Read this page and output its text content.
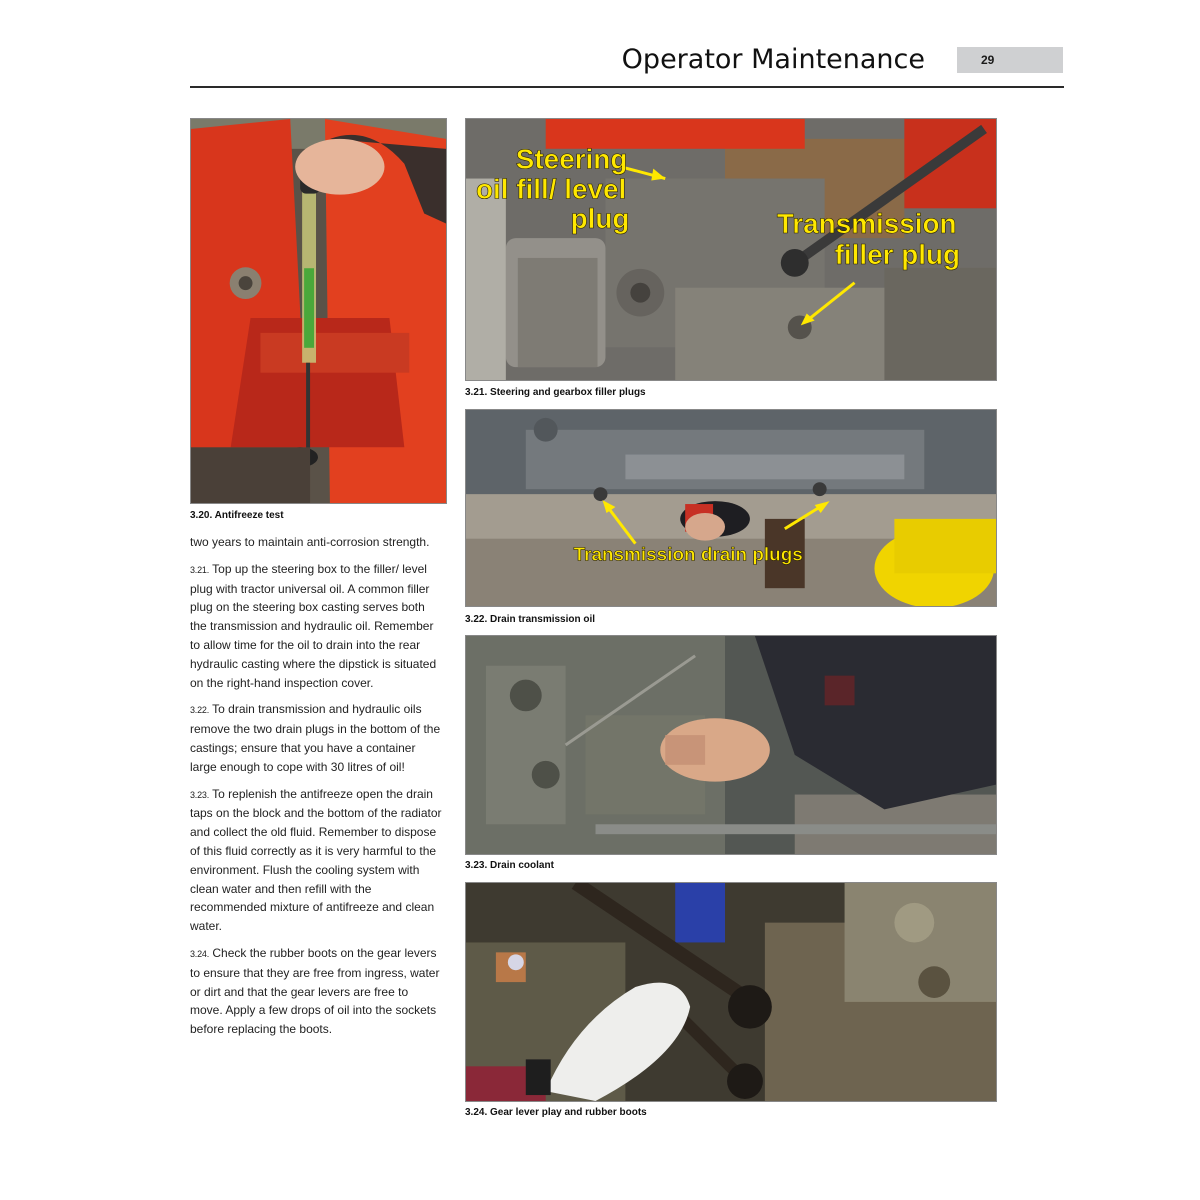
Operator Maintenance	29
3.20. Antifreeze test
Steering
oil fill/ level
plug	Transmission
filler plug
3.21. Steering and gearbox filler plugs
Transmission drain plugs
3.22. Drain transmission oil
3.23. Drain coolant
3.24. Gear lever play and rubber boots

two years to maintain anti-corrosion strength.

3.21. Top up the steering box to the filler/ level plug with tractor universal oil. A common filler plug on the steering box casting serves both the transmission and hydraulic oil. Remember to allow time for the oil to drain into the rear hydraulic casting where the dipstick is situated on the right-hand inspection cover.

3.22. To drain transmission and hydraulic oils remove the two drain plugs in the bottom of the castings; ensure that you have a container large enough to cope with 30 litres of oil!

3.23. To replenish the antifreeze open the drain taps on the block and the bottom of the radiator and collect the old fluid. Remember to dispose of this fluid correctly as it is very harmful to the environment. Flush the cooling system with clean water and then refill with the recommended mixture of antifreeze and clean water.

3.24. Check the rubber boots on the gear levers to ensure that they are free from ingress, water or dirt and that the gear levers are free to move. Apply a few drops of oil into the sockets before replacing the boots.
